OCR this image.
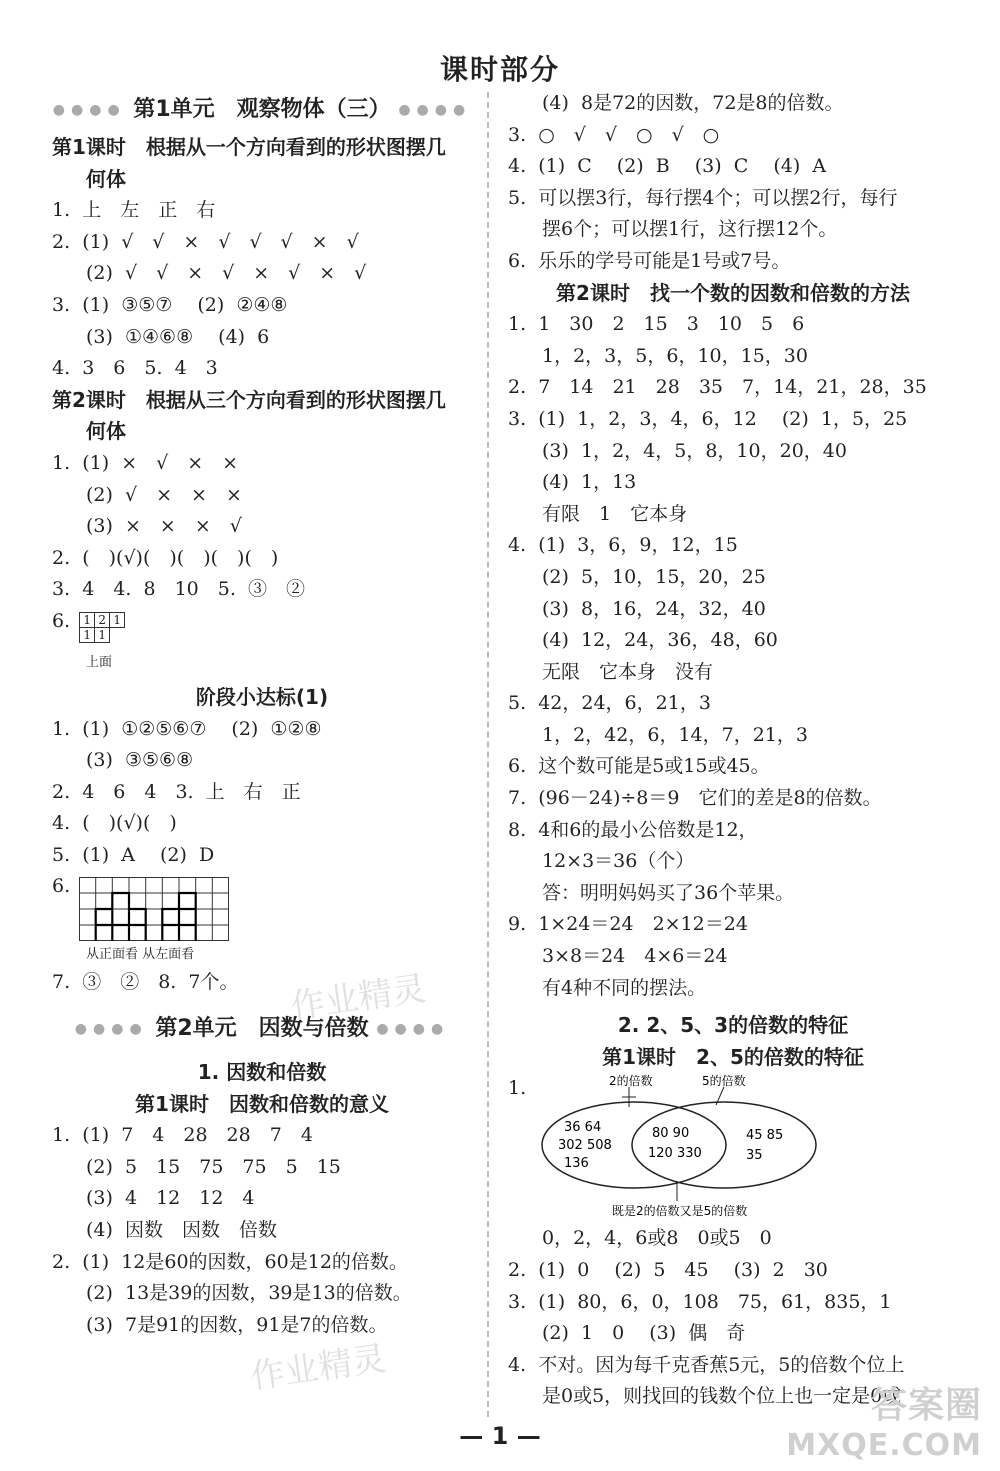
课时部分
●●●● 第1单元　观察物体（三） ●●●●
第1课时　根据从一个方向看到的形状图摆几
何体
1.  上　左　正　右
2.  (1)  √　√　×　√　√　√　×　√
(2)  √　√　×　√　×　√　×　√
3.  (1)  ③⑤⑦　 (2)  ②④⑧
(3)  ①④⑥⑧　 (4)  6
4.  3　6　5.  4　3
第2课时　根据从三个方向看到的形状图摆几
何体
1.  (1)  ×　√　×　×
(2)  √　×　×　×
(3)  ×　×　×　√
2.  (　)(√)(　)(　)(　)(　)
3.  4　4.  8　10　5.  ③　②
6. 1	2	1
1	1	
上面
阶段小达标(1)
1.  (1)  ①②⑤⑥⑦　 (2)  ①②⑧
(3)  ③⑤⑥⑧
2.  4　6　4　3.  上　右　正
4.  (　)(√)(　)
5.  (1)  A　 (2)  D
6.
从正面看 从左面看
7.  ③　②　8.  7个。
●●●● 第2单元　因数与倍数 ●●●●
1. 因数和倍数
第1课时　因数和倍数的意义
1.  (1)  7　4　28　28　7　4
(2)  5　15　75　75　5　15
(3)  4　12　12　4
(4)  因数　因数　倍数
2.  (1)  12是60的因数，60是12的倍数。
(2)  13是39的因数，39是13的倍数。
(3)  7是91的因数，91是7的倍数。
(4)  8是72的因数，72是8的倍数。
3.  ○　√　√　○　√　○
4.  (1)  C　 (2)  B　 (3)  C　 (4)  A
5.  可以摆3行，每行摆4个；可以摆2行，每行
摆6个；可以摆1行，这行摆12个。
6.  乐乐的学号可能是1号或7号。
第2课时　找一个数的因数和倍数的方法
1.  1　30　2　15　3　10　5　6
1，2，3，5，6，10，15，30
2.  7　14　21　28　35　7，14，21，28，35
3.  (1)  1，2，3，4，6，12　 (2)  1，5，25
(3)  1，2，4，5，8，10，20，40
(4)  1，13
有限　1　它本身
4.  (1)  3，6，9，12，15
(2)  5，10，15，20，25
(3)  8，16，24，32，40
(4)  12，24，36，48，60
无限　它本身　没有
5.  42，24，6，21，3
1，2，42，6，14，7，21，3
6.  这个数可能是5或15或45。
7.  (96－24)÷8＝9　它们的差是8的倍数。
8.  4和6的最小公倍数是12，
12×3＝36（个）
答：明明妈妈买了36个苹果。
9.  1×24＝24　2×12＝24
3×8＝24　4×6＝24
有4种不同的摆法。
2. 2、5、3的倍数的特征
第1课时　2、5的倍数的特征
1.	2的倍数	5的倍数
36 64
302 508
136
80 90
120 330
45 85
35
既是2的倍数又是5的倍数
0，2，4，6或8　0或5　0
2.  (1)  0　 (2)  5　45　 (3)  2　30
3.  (1)  80，6，0，108　75，61，835，1
(2)  1　0　 (3)  偶　奇
4.  不对。因为每千克香蕉5元，5的倍数个位上
是0或5，则找回的钱数个位上也一定是0或
作业精灵
作业精灵
答案圈
MXQE.COM
— 1 —
